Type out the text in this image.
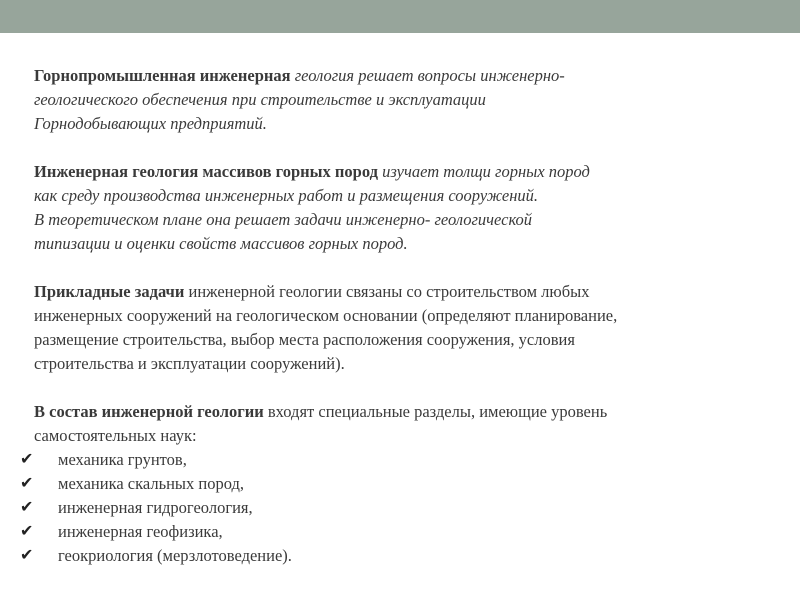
Горнопромышленная инженерная геология решает вопросы инженерно-
геологического обеспечения при строительстве и эксплуатации
Горнодобывающих предприятий.
Инженерная геология массивов горных пород изучает толщи горных пород
как среду производства инженерных работ и размещения сооружений.
В теоретическом плане она решает задачи инженерно- геологической
типизации и оценки свойств массивов горных пород.
Прикладные задачи инженерной геологии связаны со строительством любых
инженерных сооружений на геологическом основании (определяют планирование,
размещение строительства, выбор места расположения сооружения, условия
строительства и эксплуатации сооружений).
В состав инженерной геологии входят специальные разделы, имеющие уровень
самостоятельных наук:
✔	механика грунтов,
✔	механика скальных пород,
✔	инженерная гидрогеология,
✔	инженерная геофизика,
✔	геокриология (мерзлотоведение).
